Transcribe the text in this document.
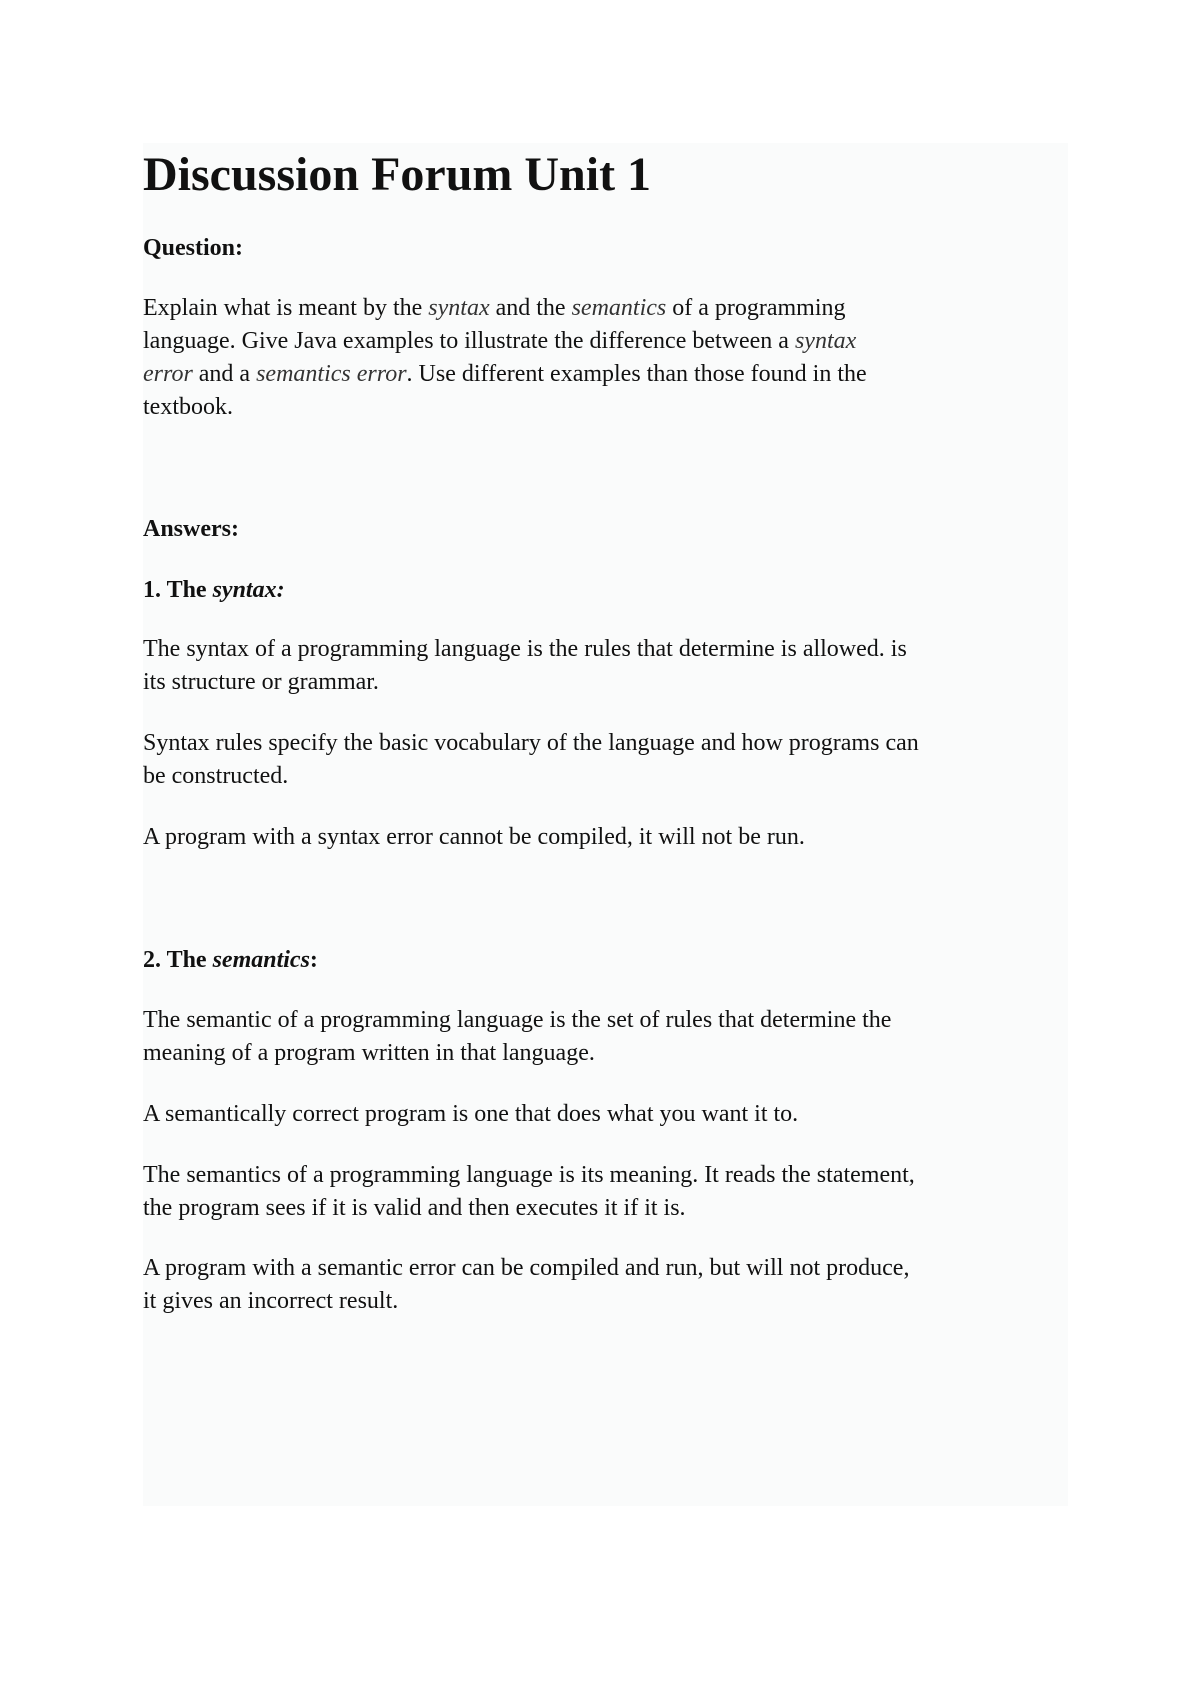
Discussion Forum Unit 1

Question:

Explain what is meant by the syntax and the semantics of a programming
language. Give Java examples to illustrate the difference between a syntax
error and a semantics error. Use different examples than those found in the
textbook.

Answers:

1. The syntax:

The syntax of a programming language is the rules that determine is allowed. is
its structure or grammar.
Syntax rules specify the basic vocabulary of the language and how programs can
be constructed.
A program with a syntax error cannot be compiled, it will not be run.

2. The semantics:

The semantic of a programming language is the set of rules that determine the
meaning of a program written in that language.
A semantically correct program is one that does what you want it to.
The semantics of a programming language is its meaning. It reads the statement,
the program sees if it is valid and then executes it if it is.
A program with a semantic error can be compiled and run, but will not produce,
it gives an incorrect result.
